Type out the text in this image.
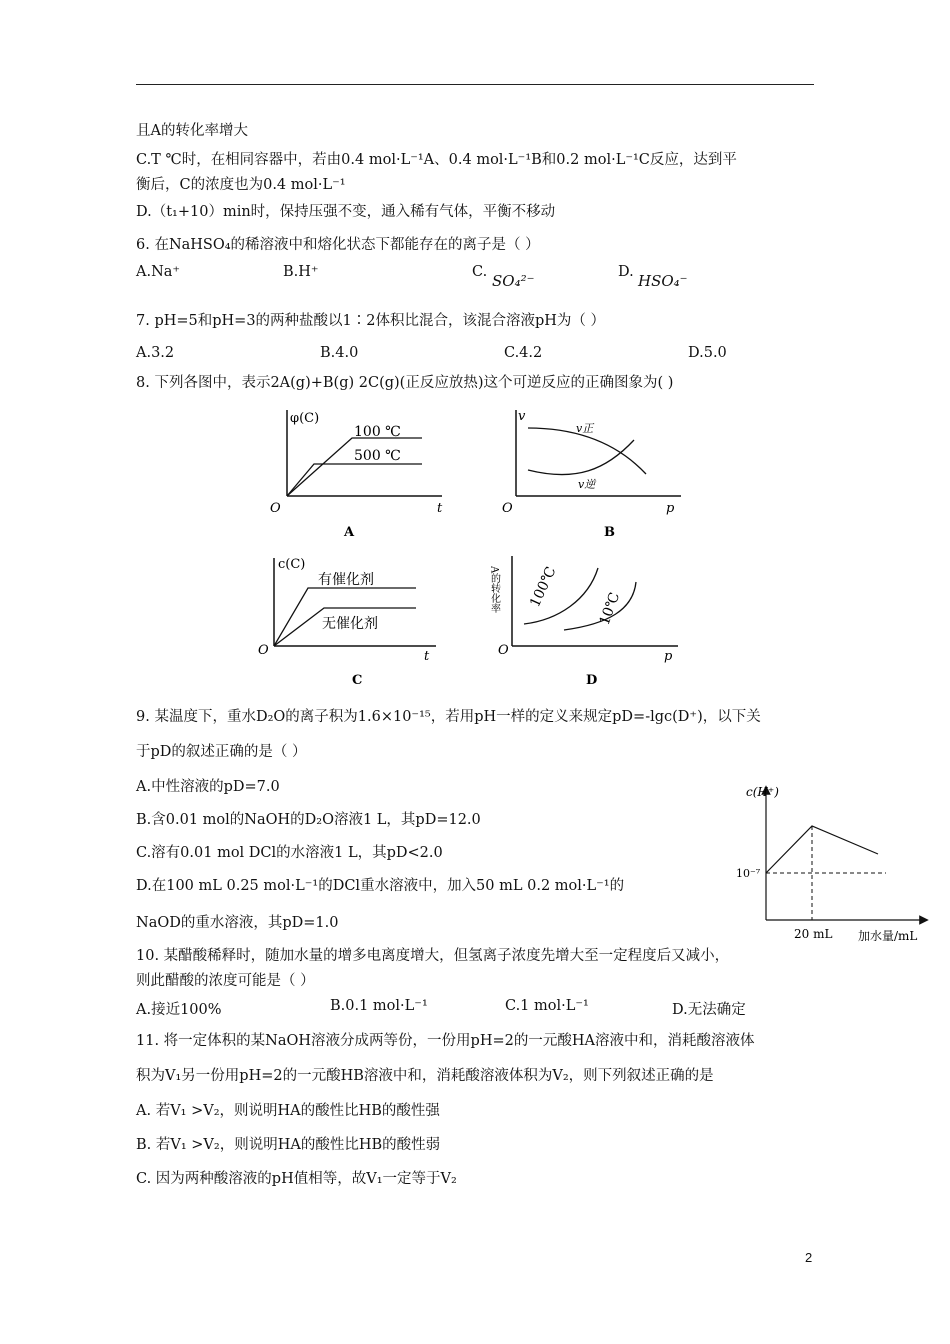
且A的转化率增大
C.T ℃时，在相同容器中，若由0.4 mol·L⁻¹A、0.4 mol·L⁻¹B和0.2 mol·L⁻¹C反应，达到平
衡后，C的浓度也为0.4 mol·L⁻¹
D.（t₁+10）min时，保持压强不变，通入稀有气体，平衡不移动
6. 在NaHSO₄的稀溶液中和熔化状态下都能存在的离子是（ ）
A.Na⁺	B.H⁺	C. SO₄²⁻	D. HSO₄⁻
7. pH=5和pH=3的两种盐酸以1∶2体积比混合，该混合溶液pH为（ ）
A.3.2	B.4.0	C.4.2	D.5.0
8. 下列各图中，表示2A(g)+B(g) 2C(g)(正反应放热)这个可逆反应的正确图象为( )
φ(C)
100 ℃
500 ℃
O	t
A
v
v正
v逆
O	p
B
c(C)
有催化剂
无催化剂
O	t
C
A的转化率 100℃	10℃
O	p
D
9. 某温度下，重水D₂O的离子积为1.6×10⁻¹⁵，若用pH一样的定义来规定pD=-lgc(D⁺)，以下关
于pD的叙述正确的是（ ）
A.中性溶液的pD=7.0
B.含0.01 mol的NaOH的D₂O溶液1 L，其pD=12.0
C.溶有0.01 mol DCl的水溶液1 L，其pD<2.0
D.在100 mL 0.25 mol·L⁻¹的DCl重水溶液中，加入50 mL 0.2 mol·L⁻¹的
NaOD的重水溶液，其pD=1.0
c(H⁺)
10⁻⁷
20 mL 加水量/mL
10. 某醋酸稀释时，随加水量的增多电离度增大，但氢离子浓度先增大至一定程度后又减小，
则此醋酸的浓度可能是（ ）
A.接近100%	B.0.1 mol·L⁻¹	C.1 mol·L⁻¹	D.无法确定
11. 将一定体积的某NaOH溶液分成两等份，一份用pH=2的一元酸HA溶液中和，消耗酸溶液体
积为V₁另一份用pH=2的一元酸HB溶液中和，消耗酸溶液体积为V₂，则下列叙述正确的是
A. 若V₁ >V₂，则说明HA的酸性比HB的酸性强
B. 若V₁ >V₂，则说明HA的酸性比HB的酸性弱
C. 因为两种酸溶液的pH值相等，故V₁一定等于V₂
2
